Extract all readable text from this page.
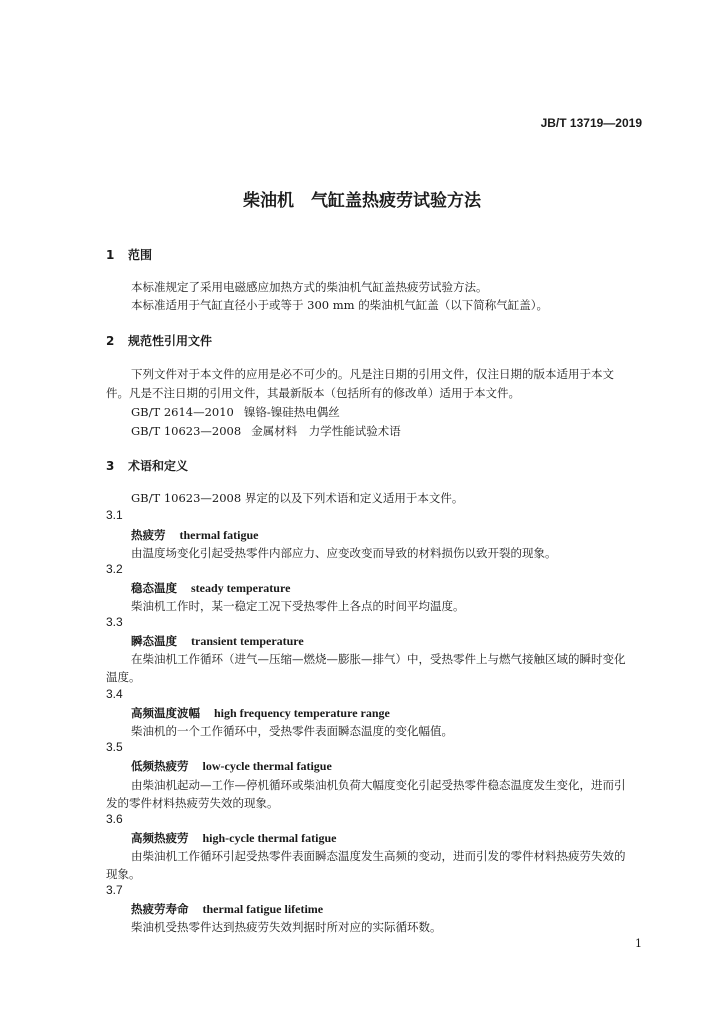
JB/T 13719—2019
柴油机　气缸盖热疲劳试验方法
1 范围
本标准规定了采用电磁感应加热方式的柴油机气缸盖热疲劳试验方法。
本标准适用于气缸直径小于或等于 300 mm 的柴油机气缸盖（以下简称气缸盖）。
2 规范性引用文件
下列文件对于本文件的应用是必不可少的。凡是注日期的引用文件，仅注日期的版本适用于本文
件。凡是不注日期的引用文件，其最新版本（包括所有的修改单）适用于本文件。
GB/T 2614—2010 镍铬-镍硅热电偶丝
GB/T 10623—2008 金属材料　力学性能试验术语
3 术语和定义
GB/T 10623—2008 界定的以及下列术语和定义适用于本文件。
3.1
热疲劳 thermal fatigue
由温度场变化引起受热零件内部应力、应变改变而导致的材料损伤以致开裂的现象。
3.2
稳态温度 steady temperature
柴油机工作时，某一稳定工况下受热零件上各点的时间平均温度。
3.3
瞬态温度 transient temperature
在柴油机工作循环（进气—压缩—燃烧—膨胀—排气）中，受热零件上与燃气接触区域的瞬时变化
温度。
3.4
高频温度波幅 high frequency temperature range
柴油机的一个工作循环中，受热零件表面瞬态温度的变化幅值。
3.5
低频热疲劳 low-cycle thermal fatigue
由柴油机起动—工作—停机循环或柴油机负荷大幅度变化引起受热零件稳态温度发生变化，进而引
发的零件材料热疲劳失效的现象。
3.6
高频热疲劳 high-cycle thermal fatigue
由柴油机工作循环引起受热零件表面瞬态温度发生高频的变动，进而引发的零件材料热疲劳失效的
现象。
3.7
热疲劳寿命 thermal fatigue lifetime
柴油机受热零件达到热疲劳失效判据时所对应的实际循环数。
1
